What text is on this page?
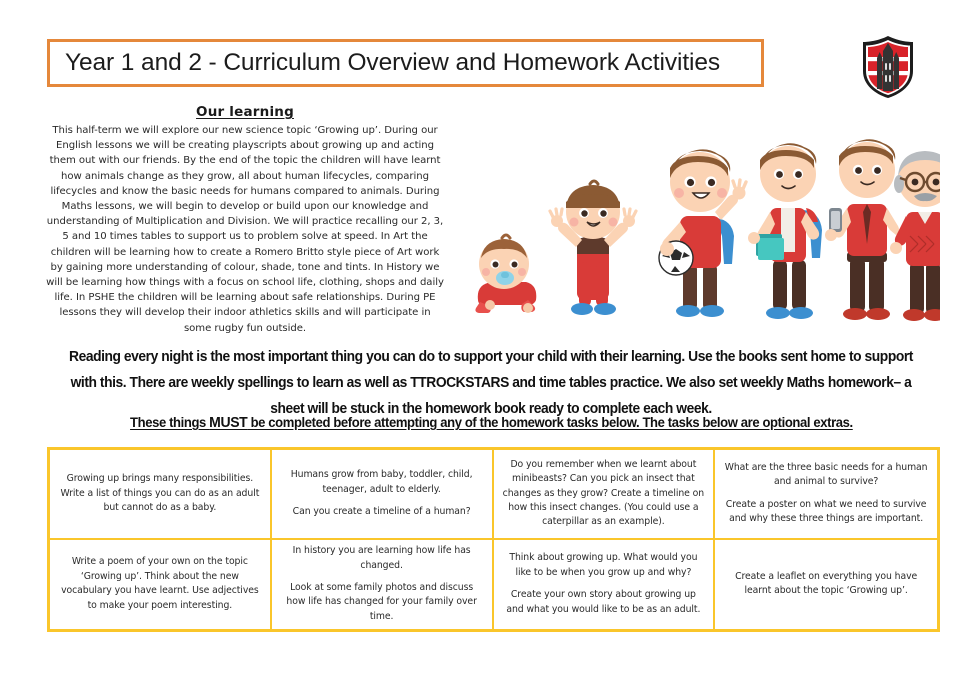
Year 1 and 2 - Curriculum Overview and Homework Activities

Our learning

This half-term we will explore our new science topic ‘Growing up’. During our English lessons we will be creating playscripts about growing up and acting them out with our friends. By the end of the topic the children will have learnt how animals change as they grow, all about human lifecycles, comparing lifecycles and know the basic needs for humans compared to animals. During Maths lessons, we will begin to develop or build upon our knowledge and understanding of Multiplication and Division. We will practice recalling our 2, 3, 5 and 10 times tables to support us to problem solve at speed. In Art the children will be learning how to create a Romero Britto style piece of Art work by gaining more understanding of colour, shade, tone and tints. In History we will be learning how things with a focus on school life, clothing, shops and daily life. In PSHE the children will be learning about safe relationships. During PE lessons they will develop their indoor athletics skills and will participate in some rugby fun outside.

Reading every night is the most important thing you can do to support your child with their learning. Use the books sent home to support with this. There are weekly spellings to learn as well as TTROCKSTARS and time tables practice. We also set weekly Maths homework– a sheet will be stuck in the homework book ready to complete each week.

These things MUST be completed before attempting any of the homework tasks below. The tasks below are optional extras.

Growing up brings many responsibilities. Write a list of things you can do as an adult but cannot do as a baby.

Humans grow from baby, toddler, child, teenager, adult to elderly.
Can you create a timeline of a human?

Do you remember when we learnt about minibeasts? Can you pick an insect that changes as they grow? Create a timeline on how this insect changes. (You could use a caterpillar as an example).

What are the three basic needs for a human and animal to survive?
Create a poster on what we need to survive and why these three things are important.

Write a poem of your own on the topic ‘Growing up’. Think about the new vocabulary you have learnt. Use adjectives to make your poem interesting.

In history you are learning how life has changed.
Look at some family photos and discuss how life has changed for your family over time.

Think about growing up. What would you like to be when you grow up and why?
Create your own story about growing up and what you would like to be as an adult.

Create a leaflet on everything you have learnt about the topic ‘Growing up’.
